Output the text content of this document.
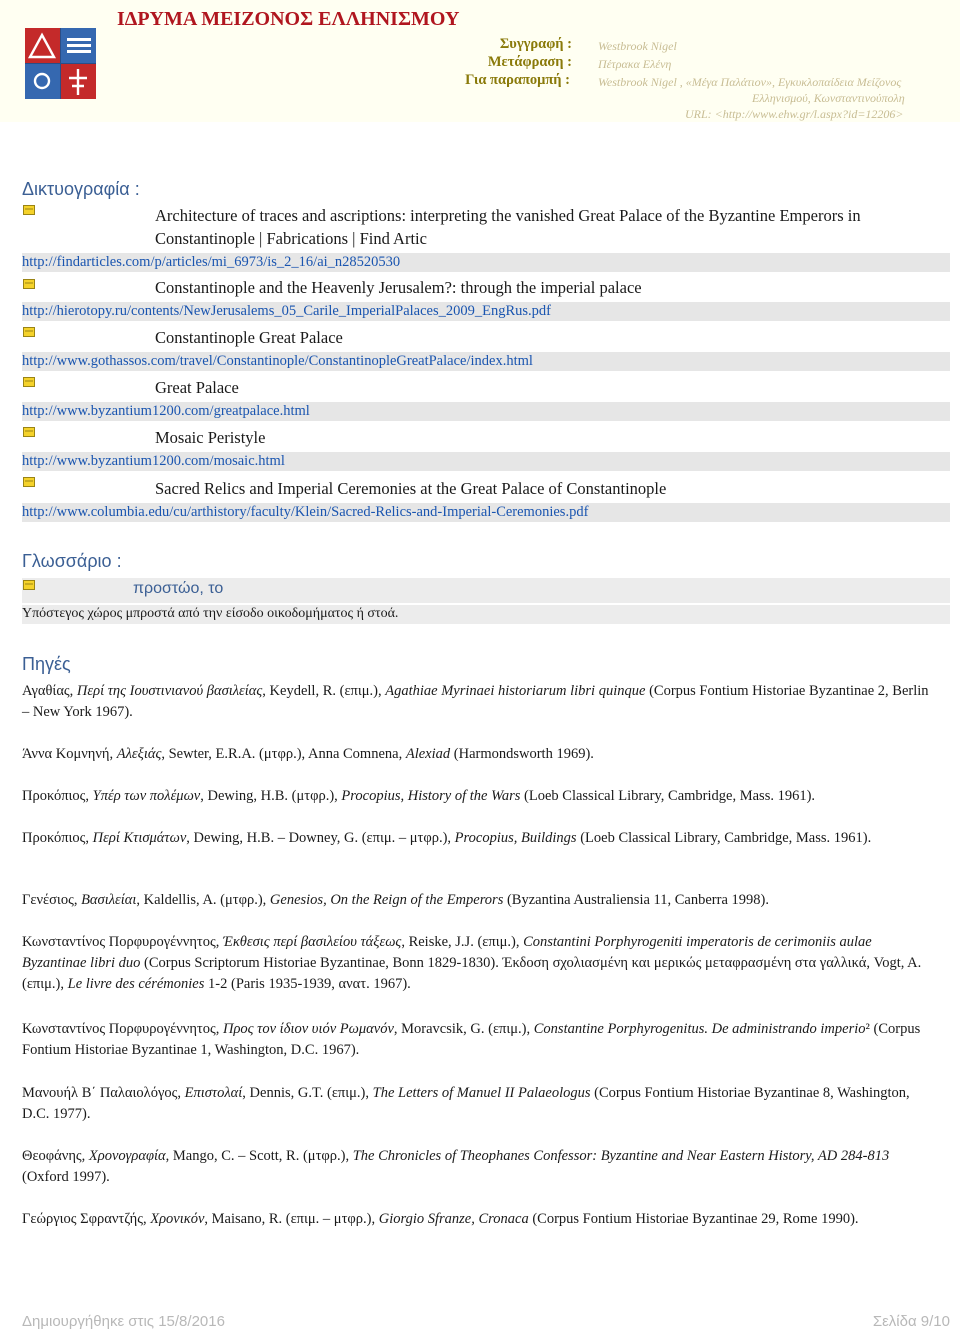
ΙΔΡΥΜΑ ΜΕΙΖΟΝΟΣ ΕΛΛΗΝΙΣΜΟΥ
Συγγραφή : Westbrook Nigel
Μετάφραση : Πέτρακα Ελένη
Για παραπομπή : Westbrook Nigel , «Μέγα Παλάτιον», Εγκυκλοπαίδεια Μείζονος
Ελληνισμού, Κωνσταντινούπολη
URL: <http://www.ehw.gr/l.aspx?id=12206>
Δικτυογραφία :
Architecture of traces and ascriptions: interpreting the vanished Great Palace of the Byzantine Emperors in Constantinople | Fabrications | Find Artic
http://findarticles.com/p/articles/mi_6973/is_2_16/ai_n28520530
Constantinople and the Heavenly Jerusalem?: through the imperial palace
http://hierotopy.ru/contents/NewJerusalems_05_Carile_ImperialPalaces_2009_EngRus.pdf
Constantinople Great Palace
http://www.gothassos.com/travel/Constantinople/ConstantinopleGreatPalace/index.html
Great Palace
http://www.byzantium1200.com/greatpalace.html
Mosaic Peristyle
http://www.byzantium1200.com/mosaic.html
Sacred Relics and Imperial Ceremonies at the Great Palace of Constantinople
http://www.columbia.edu/cu/arthistory/faculty/Klein/Sacred-Relics-and-Imperial-Ceremonies.pdf
Γλωσσάριο :
προστώο, το
Υπόστεγος χώρος μπροστά από την είσοδο οικοδομήματος ή στοά.
Πηγές
Αγαθίας, Περί της Ιουστινιανού βασιλείας, Keydell, R. (επιμ.), Agathiae Myrinaei historiarum libri quinque (Corpus Fontium Historiae Byzantinae 2, Berlin – New York 1967).
Άννα Κομνηνή, Αλεξιάς, Sewter, E.R.A. (μτφρ.), Anna Comnena, Alexiad (Harmondsworth 1969).
Προκόπιος, Υπέρ των πολέμων, Dewing, H.B. (μτφρ.), Procopius, History of the Wars (Loeb Classical Library, Cambridge, Mass. 1961).
Προκόπιος, Περί Κτισμάτων, Dewing, H.B. – Downey, G. (επιμ. – μτφρ.), Procopius, Buildings (Loeb Classical Library, Cambridge, Mass. 1961).
Γενέσιος, Βασιλείαι, Kaldellis, A. (μτφρ.), Genesios, On the Reign of the Emperors (Byzantina Australiensia 11, Canberra 1998).
Κωνσταντίνος Πορφυρογέννητος, Έκθεσις περί βασιλείου τάξεως, Reiske, J.J. (επιμ.), Constantini Porphyrogeniti imperatoris de cerimoniis aulae Byzantinae libri duo (Corpus Scriptorum Historiae Byzantinae, Bonn 1829-1830). Έκδοση σχολιασμένη και μερικώς μεταφρασμένη στα γαλλικά, Vogt, A. (επιμ.), Le livre des cérémonies 1-2 (Paris 1935-1939, ανατ. 1967).
Κωνσταντίνος Πορφυρογέννητος, Προς τον ίδιον υιόν Ρωμανόν, Moravcsik, G. (επιμ.), Constantine Porphyrogenitus. De administrando imperio² (Corpus Fontium Historiae Byzantinae 1, Washington, D.C. 1967).
Μανουήλ Β΄ Παλαιολόγος, Επιστολαί, Dennis, G.T. (επιμ.), The Letters of Manuel II Palaeologus (Corpus Fontium Historiae Byzantinae 8, Washington, D.C. 1977).
Θεοφάνης, Χρονογραφία, Mango, C. – Scott, R. (μτφρ.), The Chronicles of Theophanes Confessor: Byzantine and Near Eastern History, AD 284-813 (Oxford 1997).
Γεώργιος Σφραντζής, Χρονικόν, Maisano, R. (επιμ. – μτφρ.), Giorgio Sfranze, Cronaca (Corpus Fontium Historiae Byzantinae 29, Rome 1990).
Δημιουργήθηκε στις 15/8/2016	Σελίδα 9/10
